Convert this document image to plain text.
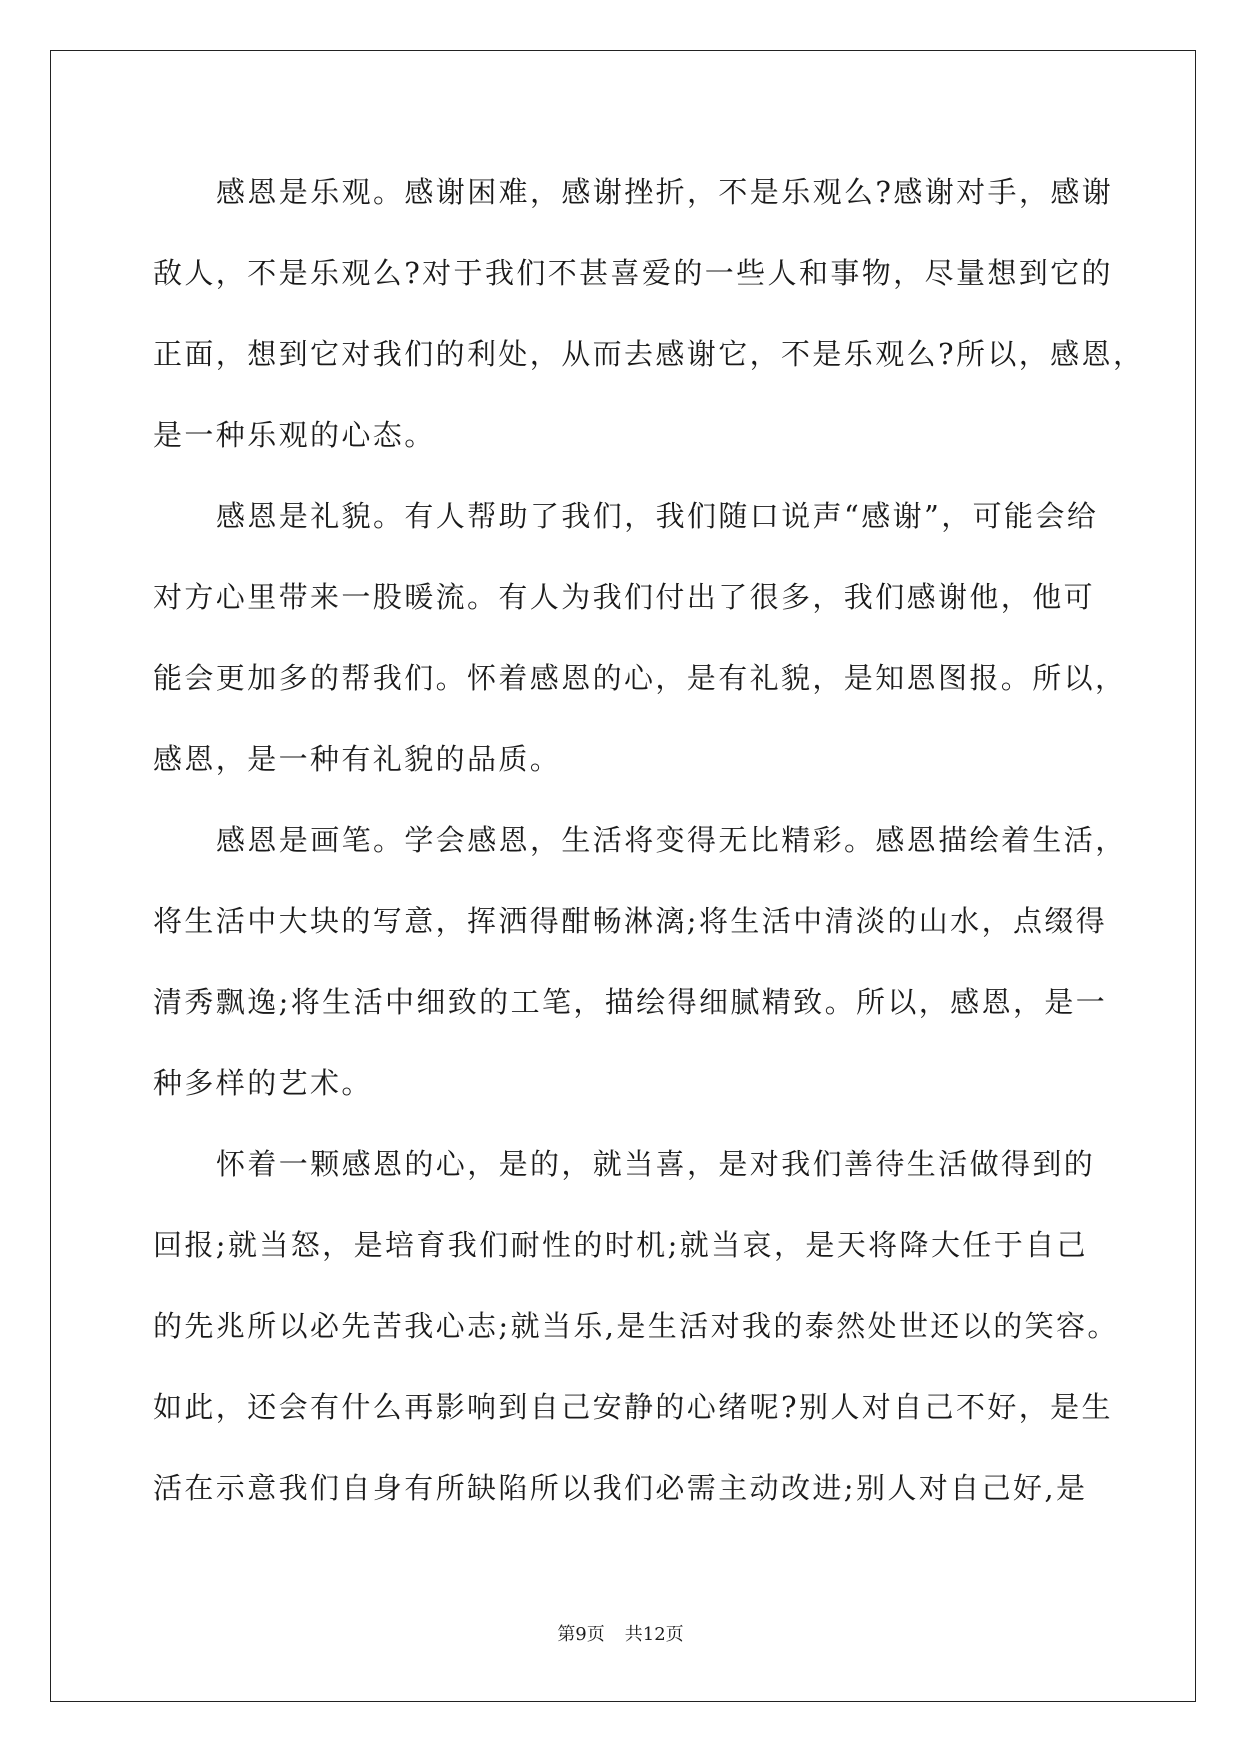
感恩是乐观。感谢困难，感谢挫折，不是乐观么?感谢对手，感谢
敌人，不是乐观么?对于我们不甚喜爱的一些人和事物，尽量想到它的
正面，想到它对我们的利处，从而去感谢它，不是乐观么?所以，感恩，
是一种乐观的心态。
感恩是礼貌。有人帮助了我们，我们随口说声“感谢”，可能会给
对方心里带来一股暖流。有人为我们付出了很多，我们感谢他，他可
能会更加多的帮我们。怀着感恩的心，是有礼貌，是知恩图报。所以，
感恩，是一种有礼貌的品质。
感恩是画笔。学会感恩，生活将变得无比精彩。感恩描绘着生活，
将生活中大块的写意，挥洒得酣畅淋漓;将生活中清淡的山水，点缀得
清秀飘逸;将生活中细致的工笔，描绘得细腻精致。所以，感恩，是一
种多样的艺术。
怀着一颗感恩的心，是的，就当喜，是对我们善待生活做得到的
回报;就当怒，是培育我们耐性的时机;就当哀，是天将降大任于自己
的先兆所以必先苦我心志;就当乐,是生活对我的泰然处世还以的笑容。
如此，还会有什么再影响到自己安静的心绪呢?别人对自己不好，是生
活在示意我们自身有所缺陷所以我们必需主动改进;别人对自己好,是
第9页 共12页
